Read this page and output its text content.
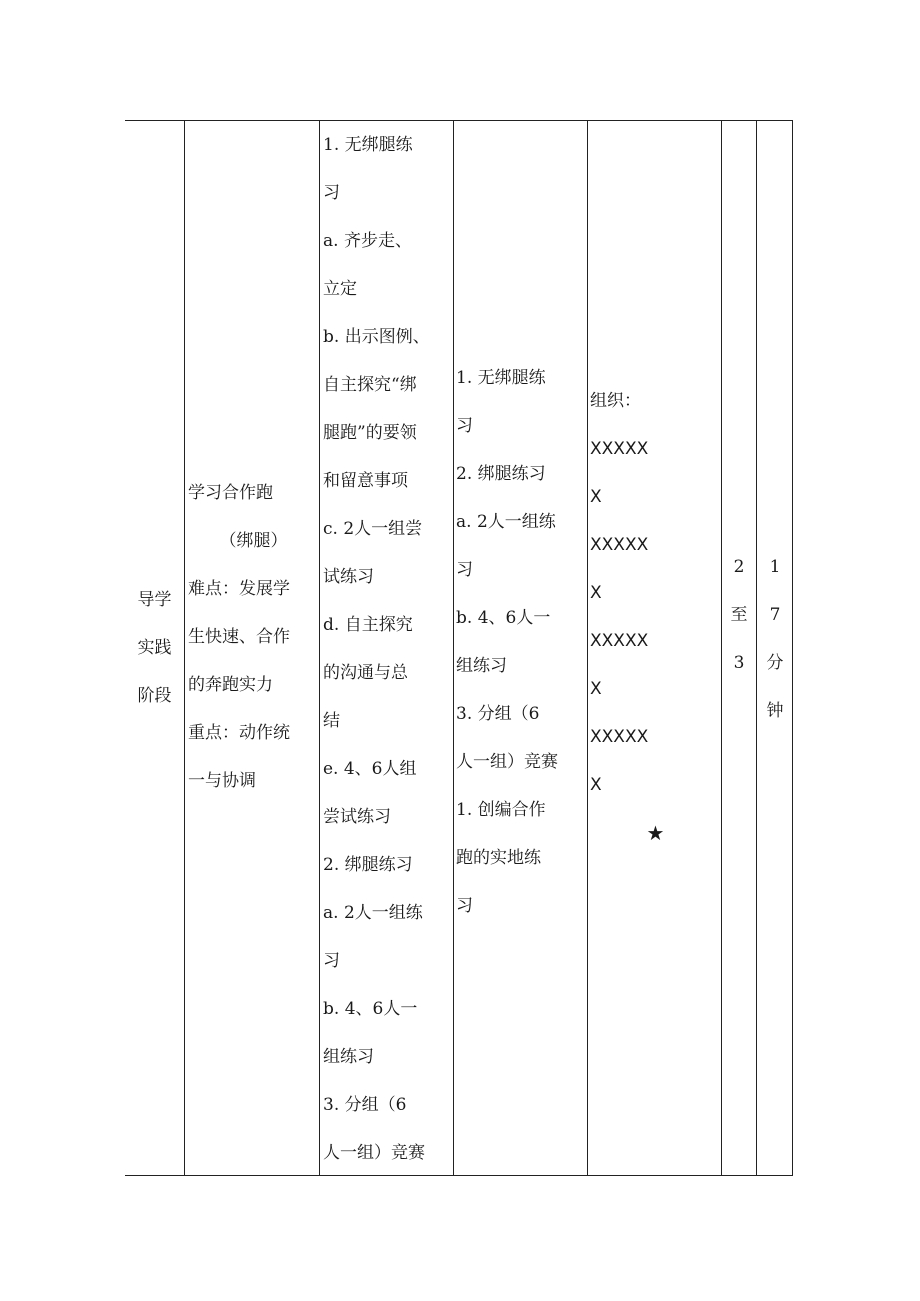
导学
实践
阶段
学习合作跑
（绑腿）
难点：发展学
生快速、合作
的奔跑实力
重点：动作统
一与协调
1. 无绑腿练
习
a. 齐步走、
立定
b. 出示图例、
自主探究“绑
腿跑”的要领
和留意事项
c. 2人一组尝
试练习
d. 自主探究
的沟通与总
结
e. 4、6人组
尝试练习
2. 绑腿练习
a. 2人一组练
习
b. 4、6人一
组练习
3. 分组（6
人一组）竞赛
1. 无绑腿练
习
2. 绑腿练习
a. 2人一组练
习
b. 4、6人一
组练习
3. 分组（6
人一组）竞赛
1. 创编合作
跑的实地练
习
组织：
XXXXX
X
XXXXX
X
XXXXX
X
XXXXX
X
★
2
至
3
1
7
分
钟
